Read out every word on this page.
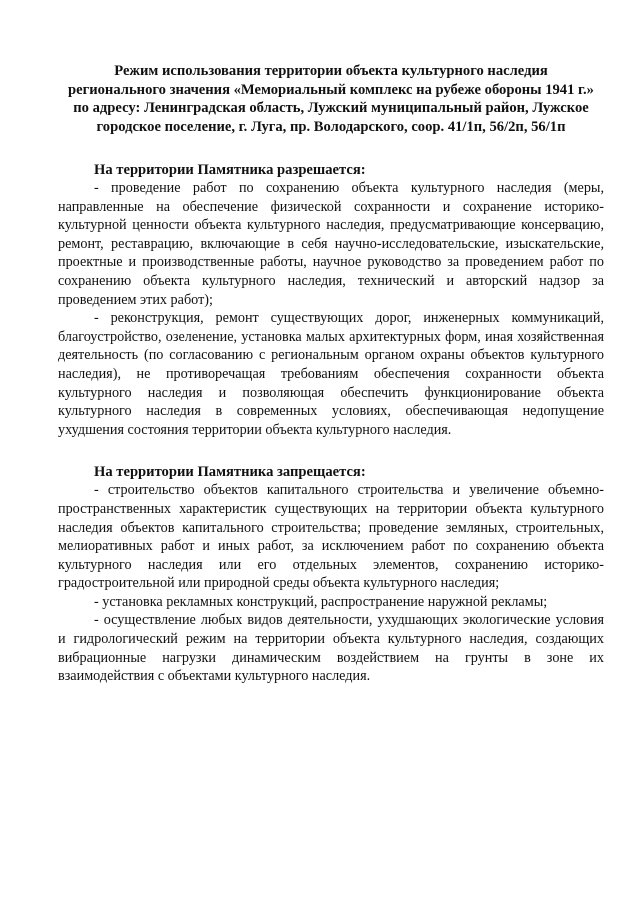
Режим использования территории объекта культурного наследия
регионального значения «Мемориальный комплекс на рубеже обороны 1941 г.»
по адресу: Ленинградская область, Лужский муниципальный район, Лужское
городское поселение, г. Луга, пр. Володарского, соор. 41/1п, 56/2п, 56/1п

На территории Памятника разрешается:

- проведение работ по сохранению объекта культурного наследия (меры, направленные на обеспечение физической сохранности и сохранение историко-культурной ценности объекта культурного наследия, предусматривающие консервацию, ремонт, реставрацию, включающие в себя научно-исследовательские, изыскательские, проектные и производственные работы, научное руководство за проведением работ по сохранению объекта культурного наследия, технический и авторский надзор за проведением этих работ);

- реконструкция, ремонт существующих дорог, инженерных коммуникаций, благоустройство, озеленение, установка малых архитектурных форм, иная хозяйственная деятельность (по согласованию с региональным органом охраны объектов культурного наследия), не противоречащая требованиям обеспечения сохранности объекта культурного наследия и позволяющая обеспечить функционирование объекта культурного наследия в современных условиях, обеспечивающая недопущение ухудшения состояния территории объекта культурного наследия.

На территории Памятника запрещается:

- строительство объектов капитального строительства и увеличение объемно-пространственных характеристик существующих на территории объекта культурного наследия объектов капитального строительства; проведение земляных, строительных, мелиоративных работ и иных работ, за исключением работ по сохранению объекта культурного наследия или его отдельных элементов, сохранению историко-градостроительной или природной среды объекта культурного наследия;

- установка рекламных конструкций, распространение наружной рекламы;

- осуществление любых видов деятельности, ухудшающих экологические условия и гидрологический режим на территории объекта культурного наследия, создающих вибрационные нагрузки динамическим воздействием на грунты в зоне их взаимодействия с объектами культурного наследия.
